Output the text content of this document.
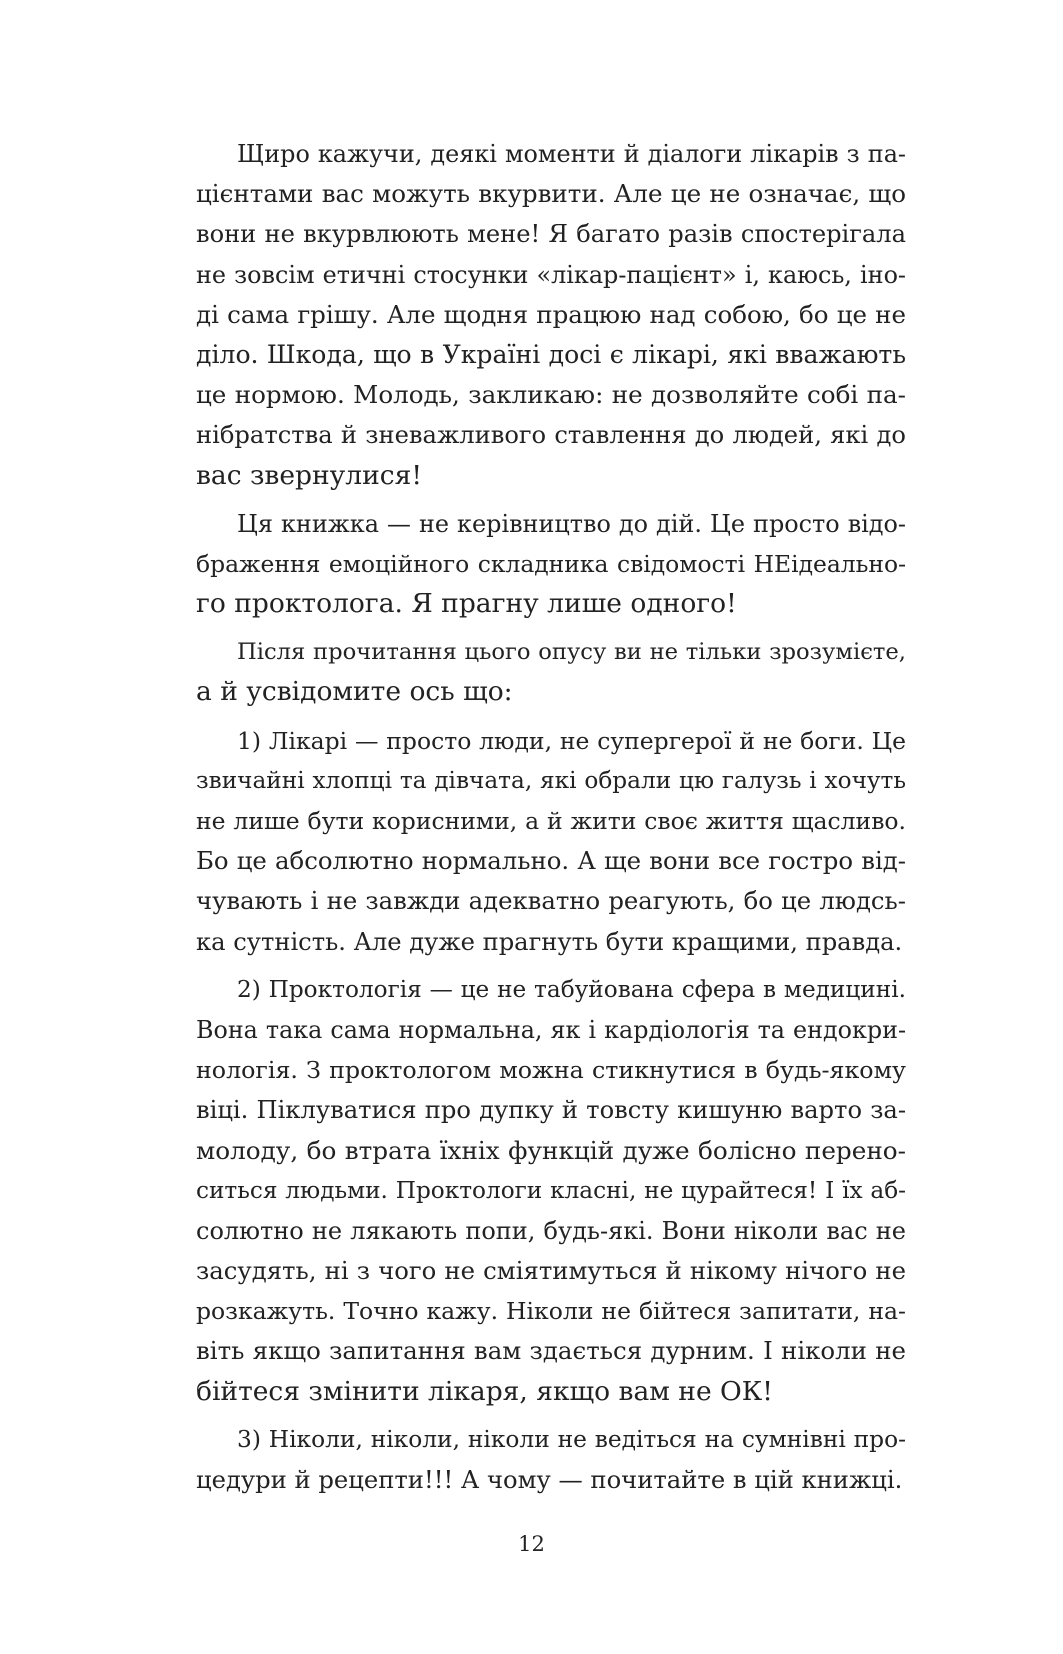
Щиро кажучи, деякі моменти й діалоги лікарів з па-
цієнтами вас можуть вкурвити. Але це не означає, що
вони не вкурвлюють мене! Я багато разів спостерігала
не зовсім етичні стосунки «лікар-пацієнт» і, каюсь, іно-
ді сама грішу. Але щодня працюю над собою, бо це не
діло. Шкода, що в Україні досі є лікарі, які вважають
це нормою. Молодь, закликаю: не дозволяйте собі па-
нібратства й зневажливого ставлення до людей, які до
вас звернулися!
Ця книжка — не керівництво до дій. Це просто відо-
браження емоційного складника свідомості НЕідеально-
го проктолога. Я прагну лише одного!
Після прочитання цього опусу ви не тільки зрозумієте,
а й усвідомите ось що:
1) Лікарі — просто люди, не супергерої й не боги. Це
звичайні хлопці та дівчата, які обрали цю галузь і хочуть
не лише бути корисними, а й жити своє життя щасливо.
Бо це абсолютно нормально. А ще вони все гостро від-
чувають і не завжди адекватно реагують, бо це людсь-
ка сутність. Але дуже прагнуть бути кращими, правда.
2) Проктологія — це не табуйована сфера в медицині.
Вона така сама нормальна, як і кардіологія та ендокри-
нологія. З проктологом можна стикнутися в будь-якому
віці. Піклуватися про дупку й товсту кишуню варто за-
молоду, бо втрата їхніх функцій дуже болісно перено-
ситься людьми. Проктологи класні, не цурайтеся! І їх аб-
солютно не лякають попи, будь-які. Вони ніколи вас не
засудять, ні з чого не сміятимуться й нікому нічого не
розкажуть. Точно кажу. Ніколи не бійтеся запитати, на-
віть якщо запитання вам здається дурним. І ніколи не
бійтеся змінити лікаря, якщо вам не ОК!
3) Ніколи, ніколи, ніколи не ведіться на сумнівні про-
цедури й рецепти!!! А чому — почитайте в цій книжці.
12
